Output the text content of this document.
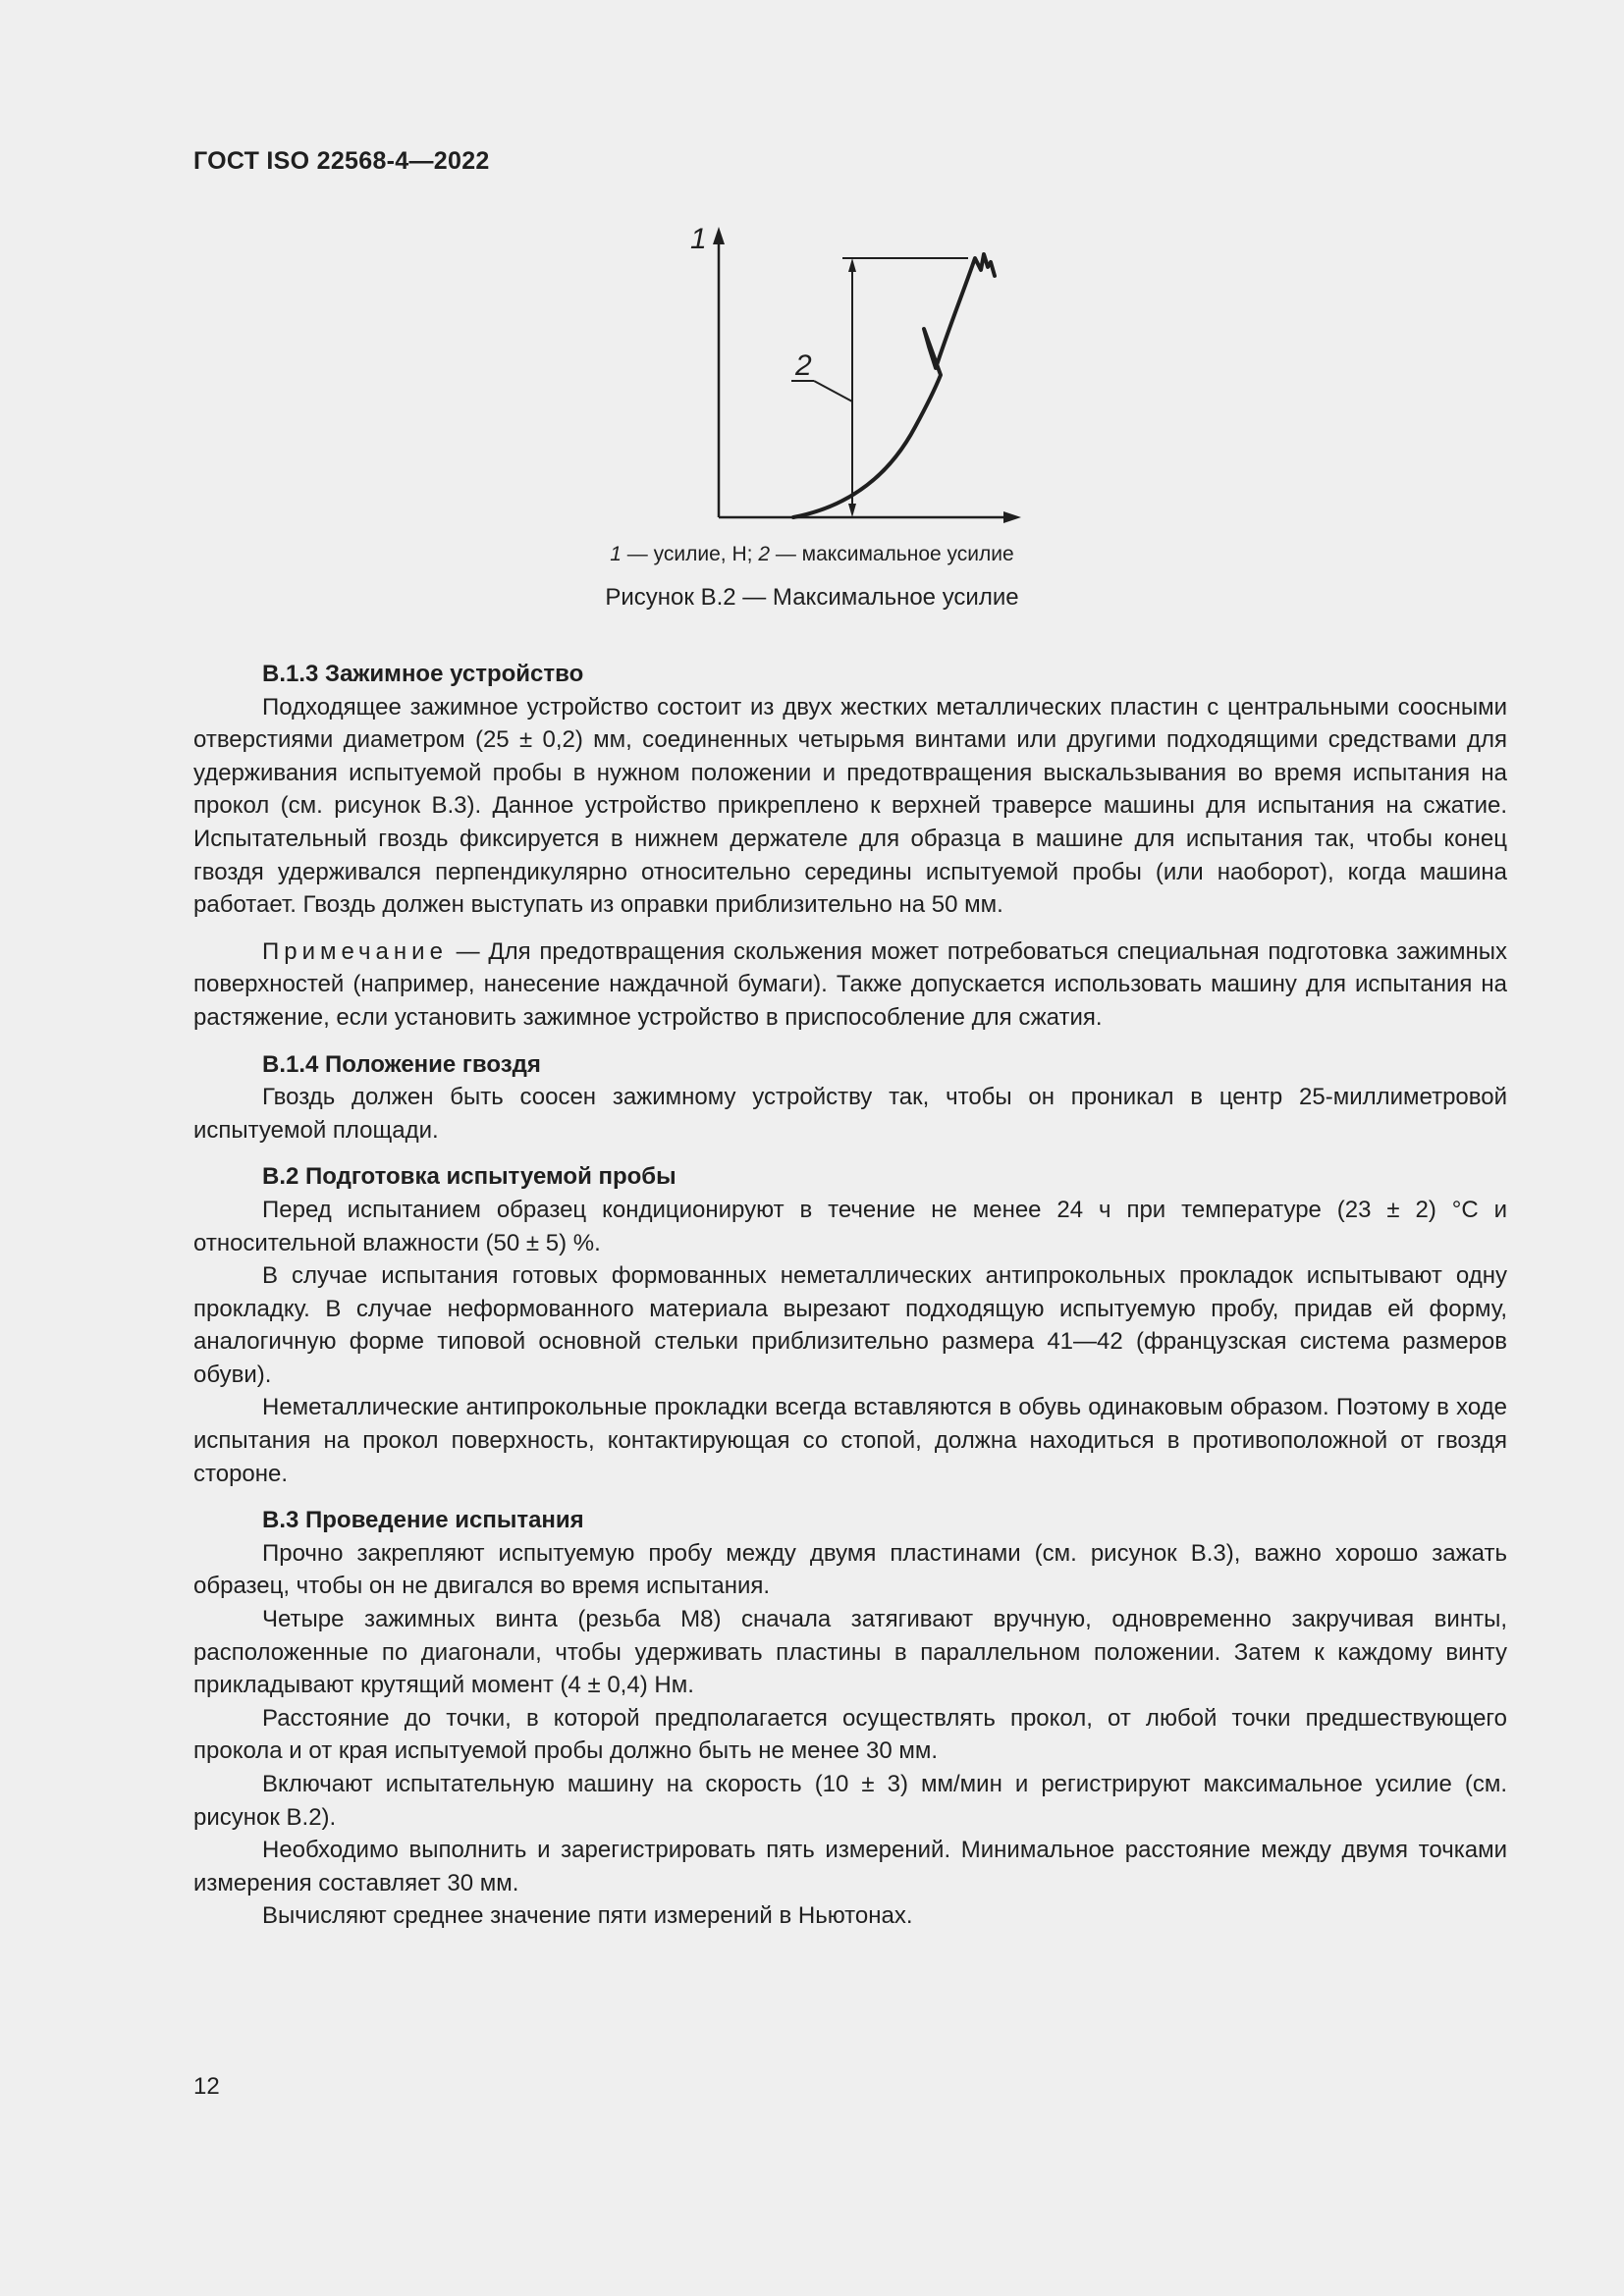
ГОСТ ISO 22568-4—2022
1
2
1 — усилие, Н; 2 — максимальное усилие
Рисунок В.2 — Максимальное усилие
B.1.3 Зажимное устройство

Подходящее зажимное устройство состоит из двух жестких металлических пластин с центральными соосными отверстиями диаметром (25 ± 0,2) мм, соединенных четырьмя винтами или другими подходящими средствами для удерживания испытуемой пробы в нужном положении и предотвращения выскальзывания во время испытания на прокол (см. рисунок В.3). Данное устройство прикреплено к верхней траверсе машины для испытания на сжатие. Испытательный гвоздь фиксируется в нижнем держателе для образца в машине для испытания так, чтобы конец гвоздя удерживался перпендикулярно относительно середины испытуемой пробы (или наоборот), когда машина работает. Гвоздь должен выступать из оправки приблизительно на 50 мм.

Примечание — Для предотвращения скольжения может потребоваться специальная подготовка зажимных поверхностей (например, нанесение наждачной бумаги). Также допускается использовать машину для испытания на растяжение, если установить зажимное устройство в приспособление для сжатия.

B.1.4 Положение гвоздя

Гвоздь должен быть соосен зажимному устройству так, чтобы он проникал в центр 25-миллиметровой испытуемой площади.

B.2 Подготовка испытуемой пробы

Перед испытанием образец кондиционируют в течение не менее 24 ч при температуре (23 ± 2) °С и относительной влажности (50 ± 5) %.

В случае испытания готовых формованных неметаллических антипрокольных прокладок испытывают одну прокладку. В случае неформованного материала вырезают подходящую испытуемую пробу, придав ей форму, аналогичную форме типовой основной стельки приблизительно размера 41—42 (французская система размеров обуви).

Неметаллические антипрокольные прокладки всегда вставляются в обувь одинаковым образом. Поэтому в ходе испытания на прокол поверхность, контактирующая со стопой, должна находиться в противоположной от гвоздя стороне.

B.3 Проведение испытания

Прочно закрепляют испытуемую пробу между двумя пластинами (см. рисунок В.3), важно хорошо зажать образец, чтобы он не двигался во время испытания.

Четыре зажимных винта (резьба М8) сначала затягивают вручную, одновременно закручивая винты, расположенные по диагонали, чтобы удерживать пластины в параллельном положении. Затем к каждому винту прикладывают крутящий момент (4 ± 0,4) Нм.

Расстояние до точки, в которой предполагается осуществлять прокол, от любой точки предшествующего прокола и от края испытуемой пробы должно быть не менее 30 мм.

Включают испытательную машину на скорость (10 ± 3) мм/мин и регистрируют максимальное усилие (см. рисунок В.2).

Необходимо выполнить и зарегистрировать пять измерений. Минимальное расстояние между двумя точками измерения составляет 30 мм.

Вычисляют среднее значение пяти измерений в Ньютонах.

12
